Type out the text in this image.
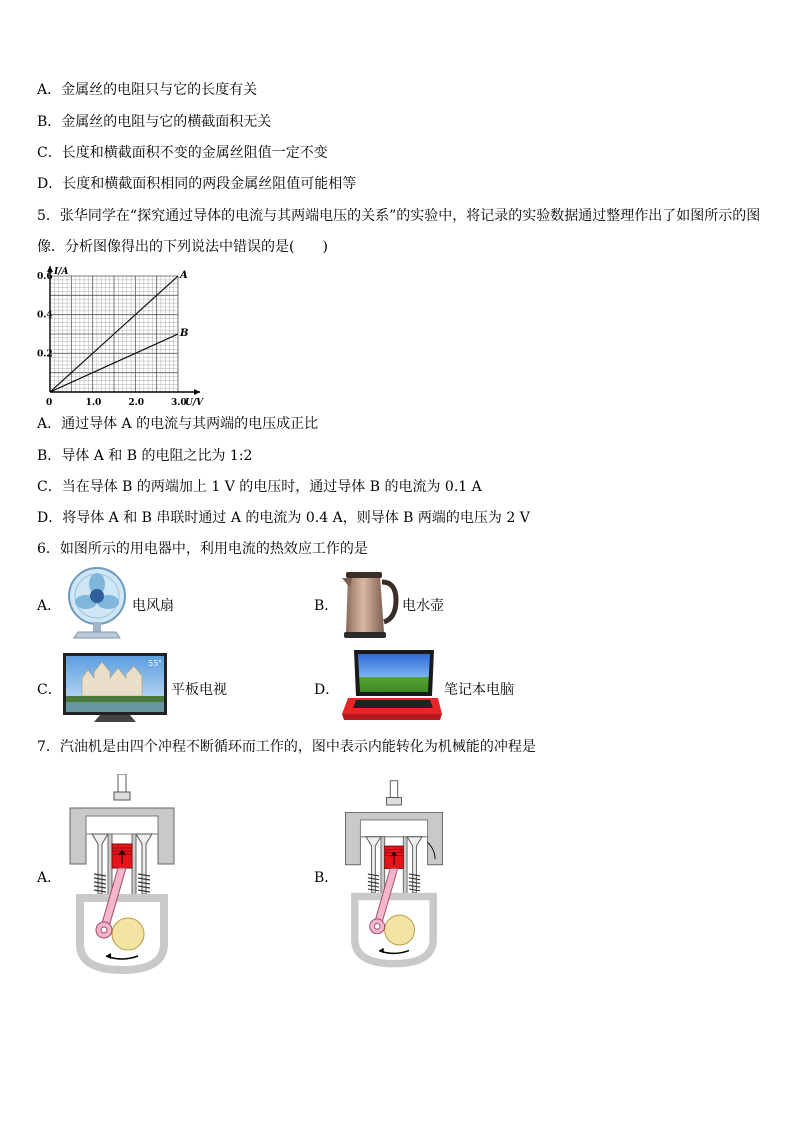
A．金属丝的电阻只与它的长度有关
B．金属丝的电阻与它的横截面积无关
C．长度和横截面积不变的金属丝阻值一定不变
D．长度和横截面积相同的两段金属丝阻值可能相等
5．张华同学在“探究通过导体的电流与其两端电压的关系”的实验中，将记录的实验数据通过整理作出了如图所示的图
像．分析图像得出的下列说法中错误的是(　　)
A
B
0	1.0	2.0	3.0
0.2
0.4
0.6 I/A
U/V
A．通过导体 A 的电流与其两端的电压成正比
B．导体 A 和 B 的电阻之比为 1:2
C．当在导体 B 的两端加上 1 V 的电压时，通过导体 B 的电流为 0.1 A
D．将导体 A 和 B 串联时通过 A 的电流为 0.4 A，则导体 B 两端的电压为 2 V
6．如图所示的用电器中，利用电流的热效应工作的是
A．	电风扇	B．	电水壶
C．
55"
平板电视	D．	笔记本电脑
7．汽油机是由四个冲程不断循环而工作的，图中表示内能转化为机械能的冲程是
A．	B．
